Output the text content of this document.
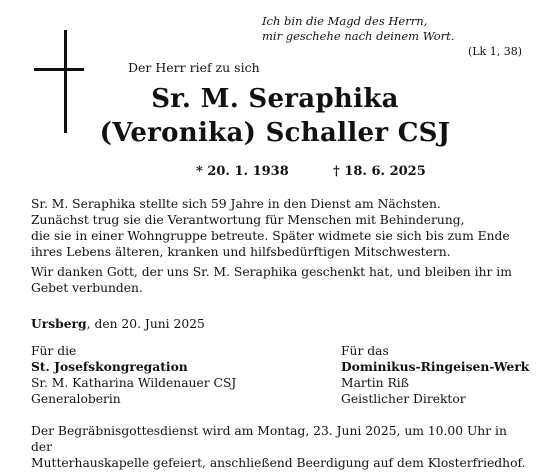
Ich bin die Magd des Herrn,
mir geschehe nach deinem Wort.
(Lk 1, 38)
Der Herr rief zu sich
Sr. M. Seraphika
(Veronika) Schaller CSJ
* 20. 1. 1938	† 18. 6. 2025
Sr. M. Seraphika stellte sich 59 Jahre in den Dienst am Nächsten.
Zunächst trug sie die Verantwortung für Menschen mit Behinderung,
die sie in einer Wohngruppe betreute. Später widmete sie sich bis zum Ende
ihres Lebens älteren, kranken und hilfsbedürftigen Mitschwestern.
Wir danken Gott, der uns Sr. M. Seraphika geschenkt hat, und bleiben ihr im
Gebet verbunden.
Ursberg, den 20. Juni 2025
Für die
St. Josefskongregation
Sr. M. Katharina Wildenauer CSJ
Generaloberin
Für das
Dominikus-Ringeisen-Werk
Martin Riß
Geistlicher Direktor
Der Begräbnisgottesdienst wird am Montag, 23. Juni 2025, um 10.00 Uhr in der
Mutterhauskapelle gefeiert, anschließend Beerdigung auf dem Klosterfriedhof.
